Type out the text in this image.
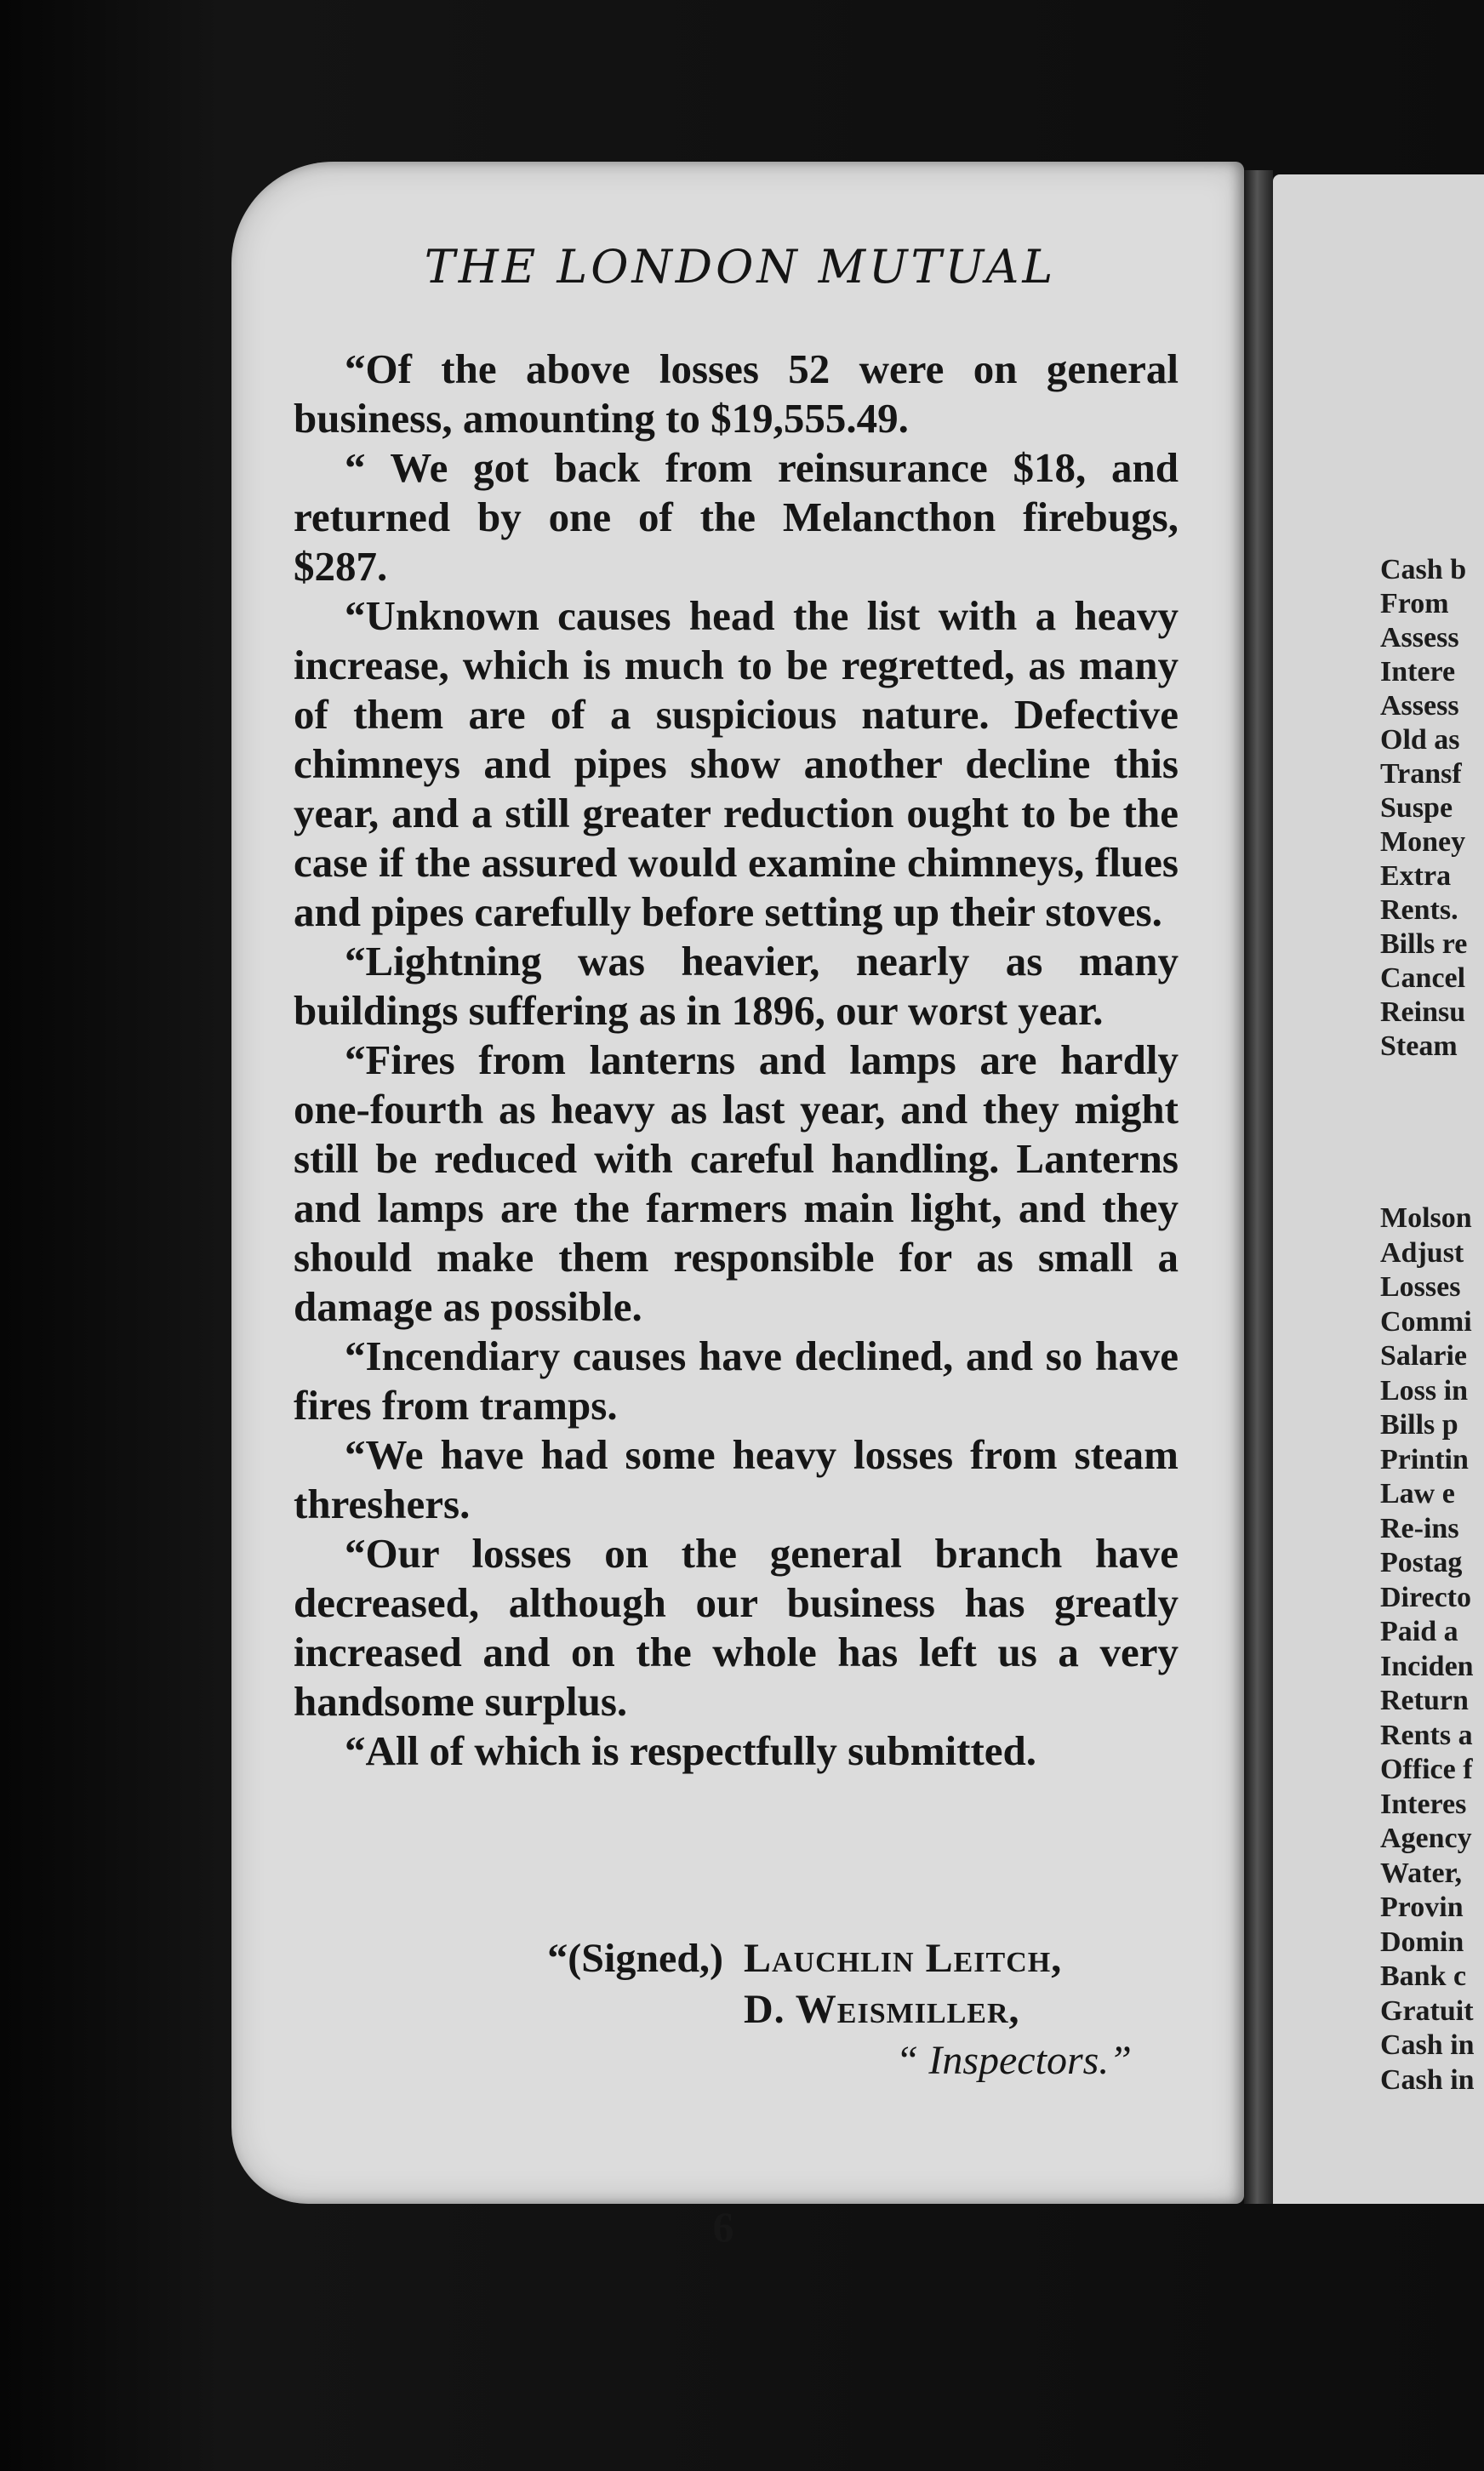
THE LONDON MUTUAL

“Of the above losses 52 were on general business, amounting to $19,555.49.

“ We got back from reinsurance $18, and returned by one of the Melancthon firebugs, $287.

“Unknown causes head the list with a heavy increase, which is much to be regretted, as many of them are of a suspicious nature. Defective chimneys and pipes show another decline this year, and a still greater reduction ought to be the case if the assured would examine chimneys, flues and pipes carefully before setting up their stoves.

“Lightning was heavier, nearly as many buildings suffering as in 1896, our worst year.

“Fires from lanterns and lamps are hardly one-fourth as heavy as last year, and they might still be reduced with careful handling. Lanterns and lamps are the farmers main light, and they should make them responsible for as small a damage as possible.

“Incendiary causes have declined, and so have fires from tramps.

“We have had some heavy losses from steam threshers.

“Our losses on the general branch have decreased, although our business has greatly increased and on the whole has left us a very handsome surplus.

“All of which is respectfully submitted.

“(Signed,) Lauchlin Leitch,
D. Weismiller,
“ Inspectors.”
6
Cash b
From
Assess
Intere
Assess
Old as
Transf
Suspe
Money
Extra
Rents.
Bills re
Cancel
Reinsu
Steam
Molson
Adjust
Losses
Commi
Salarie
Loss in
Bills p
Printin
Law e
Re-ins
Postag
Directo
Paid a
Inciden
Return
Rents a
Office f
Interes
Agency
Water,
Provin
Domin
Bank c
Gratuit
Cash in
Cash in
